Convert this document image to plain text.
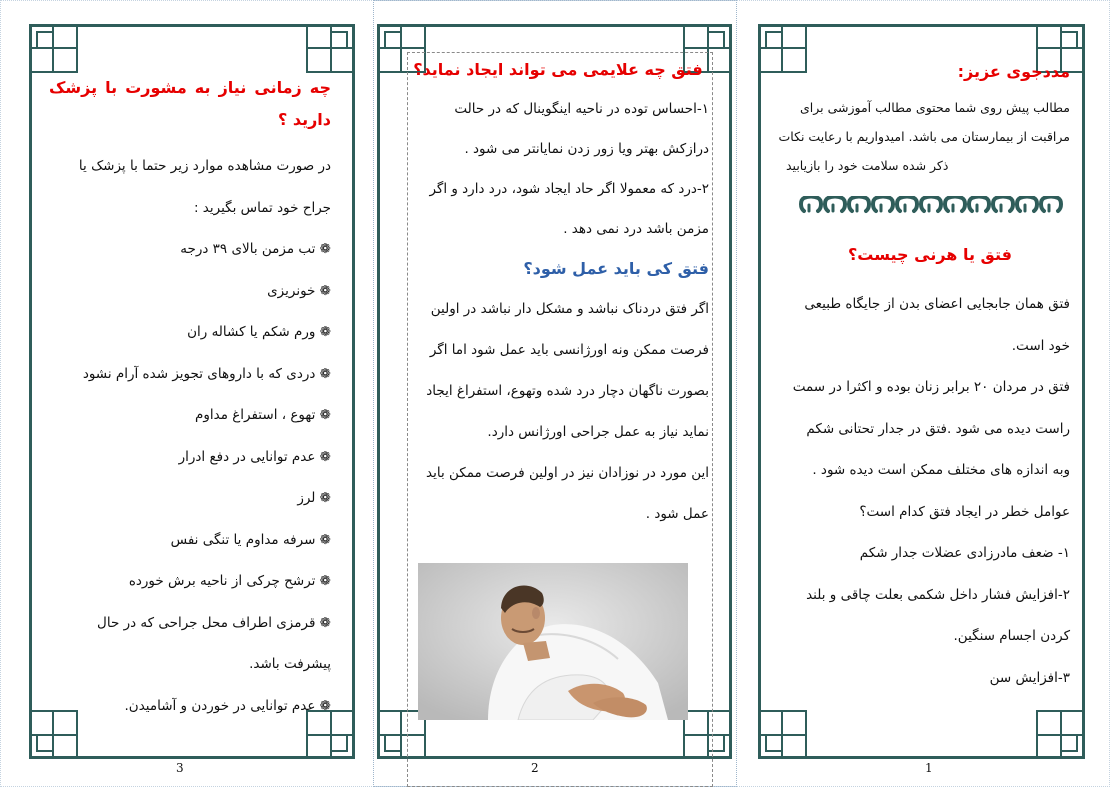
مددجوی عزیز:

مطالب پیش روی شما محتوی مطالب آموزشی برای

مراقبت از بیمارستان می باشد. امیدواریم با رعایت نکات

ذکر شده سلامت خود را بازیابید

فتق یا هرنی چیست؟

فتق همان جابجایی اعضای بدن از جایگاه طبیعی

خود است.

فتق در مردان ۲۰ برابر زنان بوده و اکثرا در سمت

راست دیده می شود .فتق در جدار تحتانی شکم

وبه اندازه های مختلف ممکن است دیده شود .

عوامل خطر در ایجاد فتق کدام است؟

۱- ضعف مادرزادی عضلات جدار شکم

۲-افزایش فشار داخل شکمی بعلت چاقی و بلند

کردن اجسام سنگین.

۳-افزایش سن

فتق چه علایمی می تواند ایجاد نماید؟

۱-احساس توده در ناحیه اینگوینال که در حالت

درازکش بهتر ویا زور زدن نمایانتر می شود .

۲-درد که معمولا اگر حاد ایجاد شود، درد دارد و اگر

مزمن باشد درد نمی دهد .

فتق کی باید عمل شود؟

اگر فتق دردناک نباشد و مشکل دار نباشد در اولین

فرصت ممکن ونه اورژانسی باید عمل شود اما اگر

بصورت ناگهان دچار درد شده وتهوع، استفراغ ایجاد

نماید نیاز به عمل جراحی اورژانس دارد.

این مورد در نوزادان نیز در اولین فرصت ممکن باید

عمل شود .

چه زمانی نیاز به مشورت با پزشک دارید ؟

در صورت مشاهده موارد زیر حتما با پزشک یا

جراح خود تماس بگیرید :

❁ تب مزمن بالای ۳۹ درجه

❁ خونریزی

❁ ورم شکم یا کشاله ران

❁ دردی که با داروهای تجویز شده آرام نشود

❁ تهوع ، استفراغ مداوم

❁ عدم توانایی در دفع ادرار

❁ لرز

❁ سرفه مداوم یا تنگی نفس

❁ ترشح چرکی از ناحیه برش خورده

❁ قرمزی اطراف محل جراحی که در حال

پیشرفت باشد.

❁ عدم توانایی در خوردن و آشامیدن.

1
2
3
